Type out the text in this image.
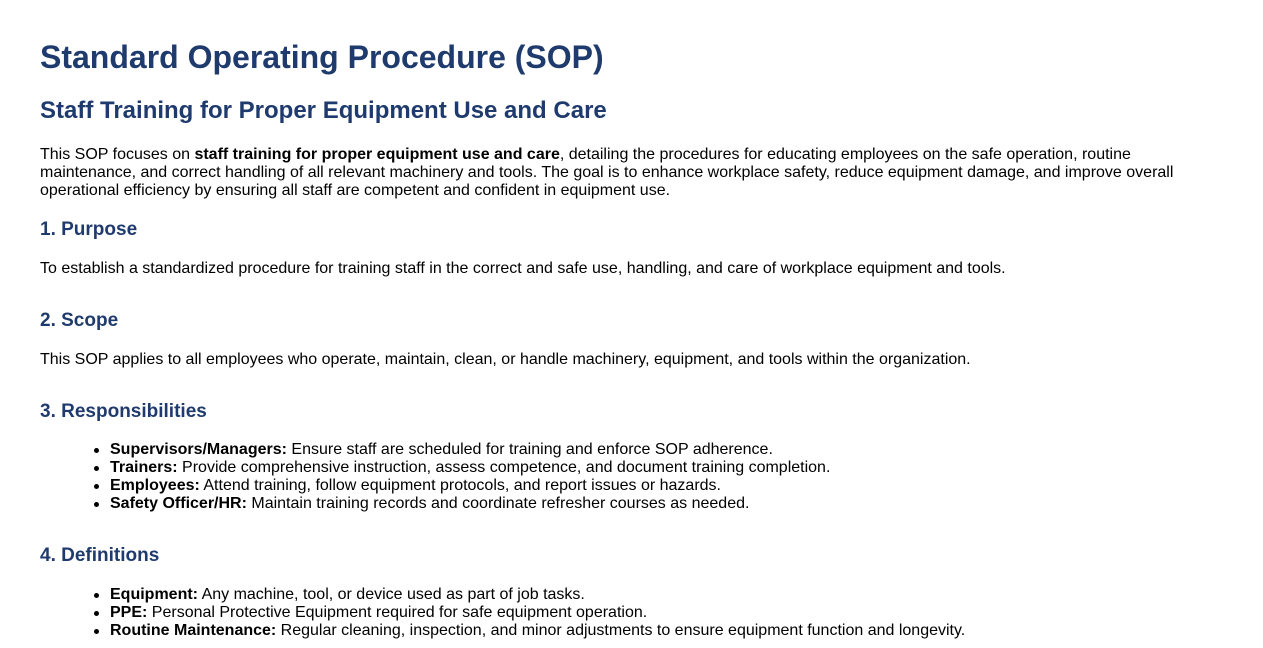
Standard Operating Procedure (SOP)
Staff Training for Proper Equipment Use and Care

This SOP focuses on staff training for proper equipment use and care, detailing the procedures for educating employees on the safe operation, routine maintenance, and correct handling of all relevant machinery and tools. The goal is to enhance workplace safety, reduce equipment damage, and improve overall operational efficiency by ensuring all staff are competent and confident in equipment use.

1. Purpose

To establish a standardized procedure for training staff in the correct and safe use, handling, and care of workplace equipment and tools.

2. Scope

This SOP applies to all employees who operate, maintain, clean, or handle machinery, equipment, and tools within the organization.

3. Responsibilities
Supervisors/Managers: Ensure staff are scheduled for training and enforce SOP adherence.
Trainers: Provide comprehensive instruction, assess competence, and document training completion.
Employees: Attend training, follow equipment protocols, and report issues or hazards.
Safety Officer/HR: Maintain training records and coordinate refresher courses as needed.
4. Definitions
Equipment: Any machine, tool, or device used as part of job tasks.
PPE: Personal Protective Equipment required for safe equipment operation.
Routine Maintenance: Regular cleaning, inspection, and minor adjustments to ensure equipment function and longevity.
